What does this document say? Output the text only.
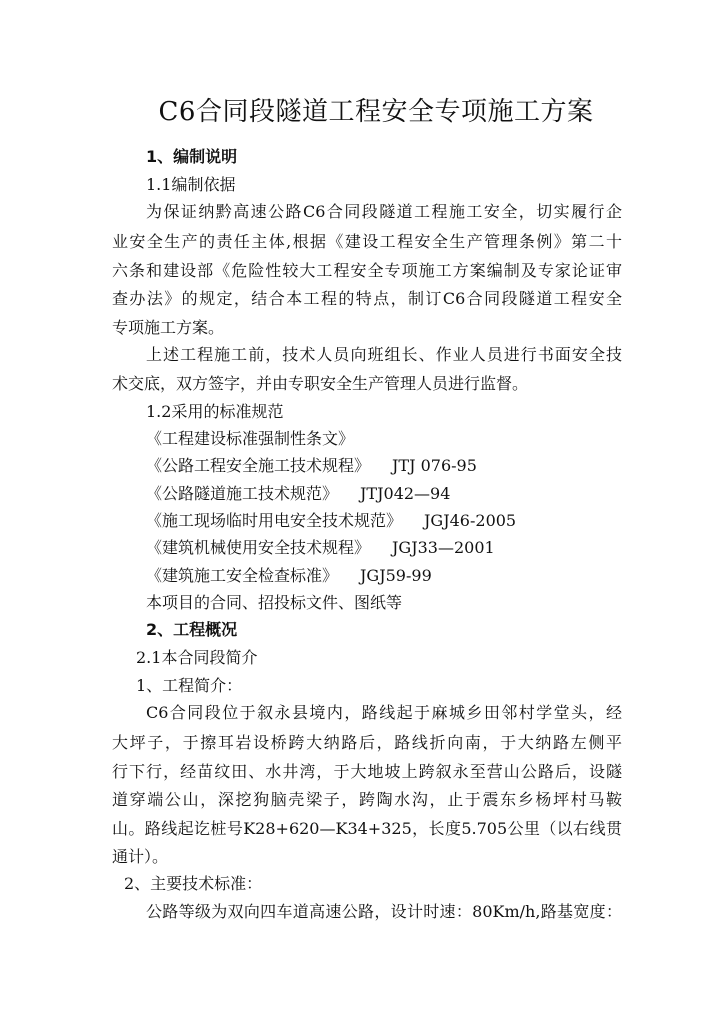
C6合同段隧道工程安全专项施工方案
1、编制说明
1.1编制依据
为保证纳黔高速公路C6合同段隧道工程施工安全，切实履行企
业安全生产的责任主体,根据《建设工程安全生产管理条例》第二十
六条和建设部《危险性较大工程安全专项施工方案编制及专家论证审
查办法》的规定，结合本工程的特点，制订C6合同段隧道工程安全
专项施工方案。
上述工程施工前，技术人员向班组长、作业人员进行书面安全技
术交底，双方签字，并由专职安全生产管理人员进行监督。
1.2采用的标准规范
《工程建设标准强制性条文》
《公路工程安全施工技术规程》 JTJ 076-95
《公路隧道施工技术规范》 JTJ042—94
《施工现场临时用电安全技术规范》 JGJ46-2005
《建筑机械使用安全技术规程》 JGJ33—2001
《建筑施工安全检查标准》 JGJ59-99
本项目的合同、招投标文件、图纸等
2、工程概况
2.1本合同段简介
1、工程简介：
C6合同段位于叙永县境内，路线起于麻城乡田邻村学堂头，经
大坪子，于擦耳岩设桥跨大纳路后，路线折向南，于大纳路左侧平
行下行，经苗纹田、水井湾，于大地坡上跨叙永至营山公路后，设隧
道穿端公山，深挖狗脑壳梁子，跨陶水沟，止于震东乡杨坪村马鞍
山。路线起讫桩号K28+620—K34+325，长度5.705公里（以右线贯
通计）。
2、主要技术标准：
公路等级为双向四车道高速公路，设计时速：80Km/h,路基宽度：
